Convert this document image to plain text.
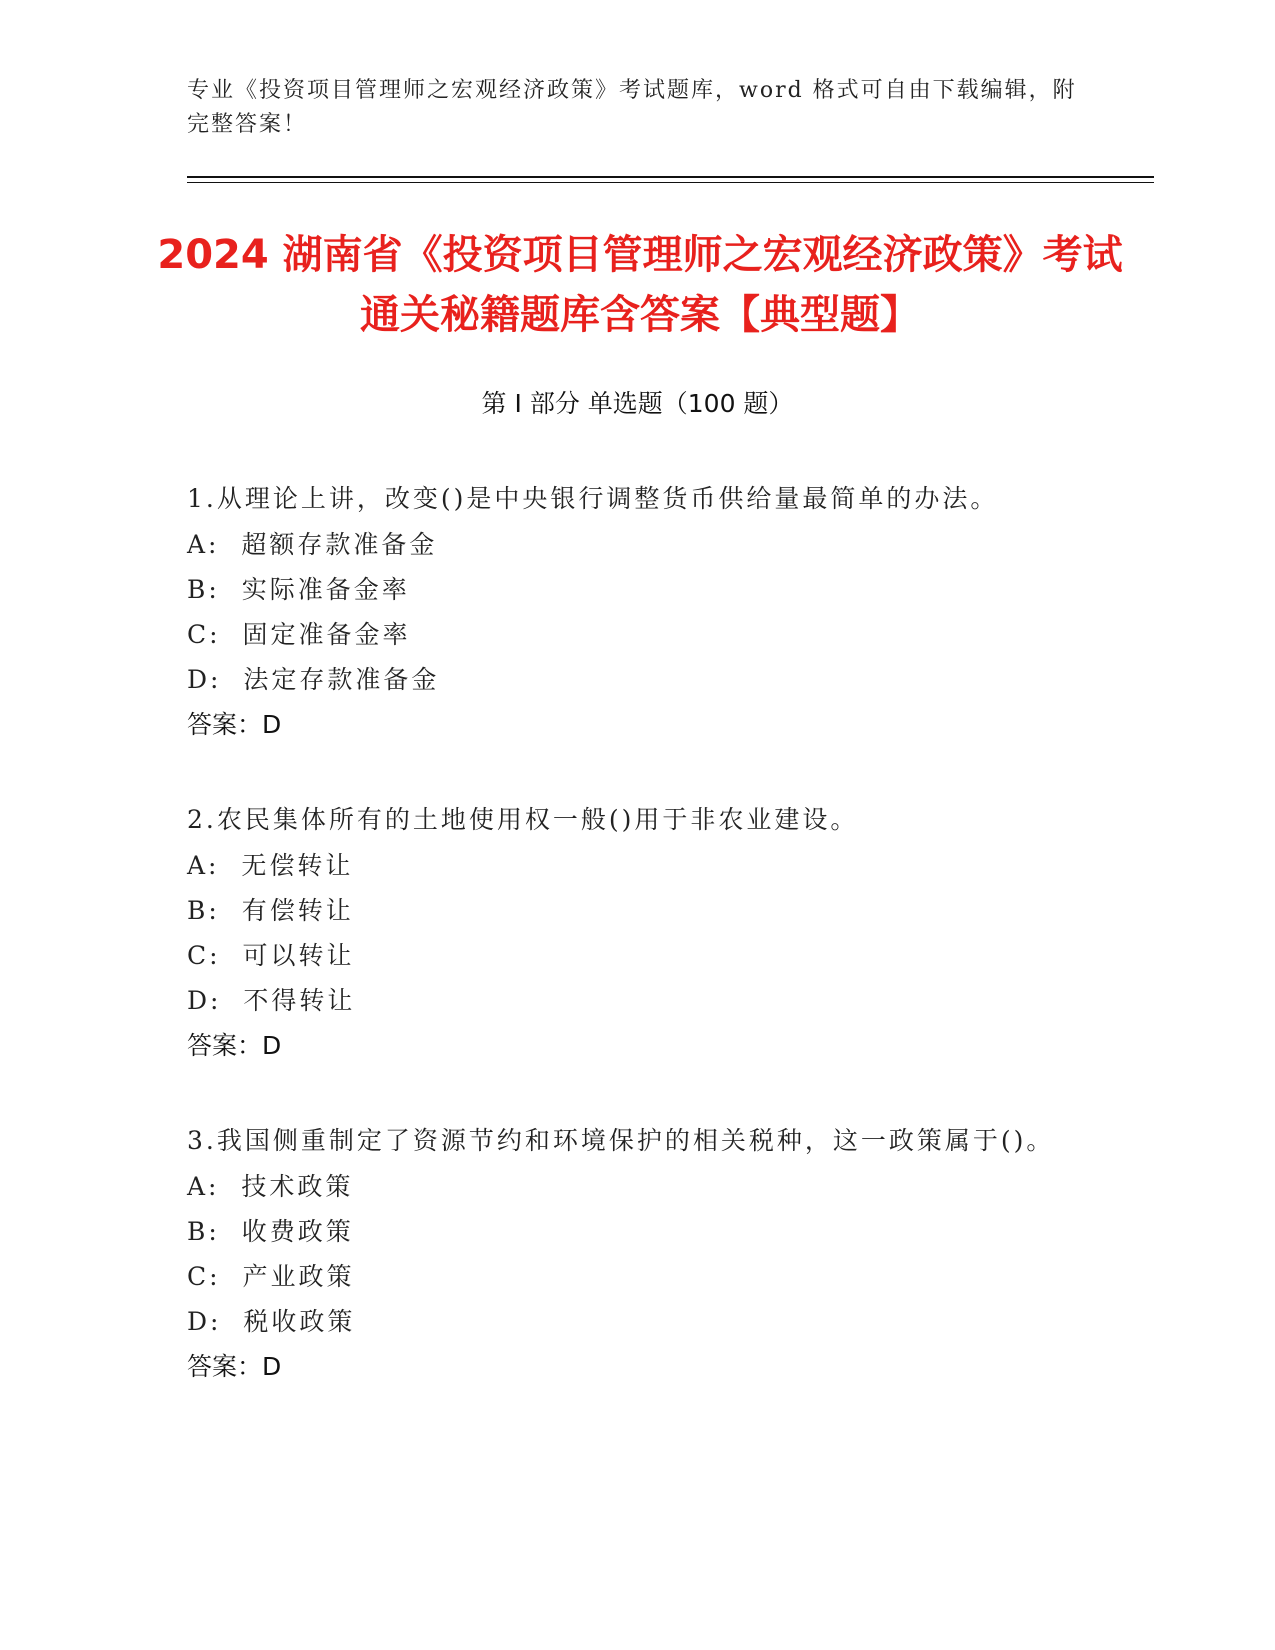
专业《投资项目管理师之宏观经济政策》考试题库，word 格式可自由下载编辑，附完整答案！
2024 湖南省《投资项目管理师之宏观经济政策》考试通关秘籍题库含答案【典型题】
第 I 部分 单选题（100 题）

1.从理论上讲，改变()是中央银行调整货币供给量最简单的办法。

A:  超额存款准备金

B:  实际准备金率

C:  固定准备金率

D:  法定存款准备金

答案：D

2.农民集体所有的土地使用权一般()用于非农业建设。

A:  无偿转让

B:  有偿转让

C:  可以转让

D:  不得转让

答案：D

3.我国侧重制定了资源节约和环境保护的相关税种，这一政策属于()。

A:  技术政策

B:  收费政策

C:  产业政策

D:  税收政策

答案：D
